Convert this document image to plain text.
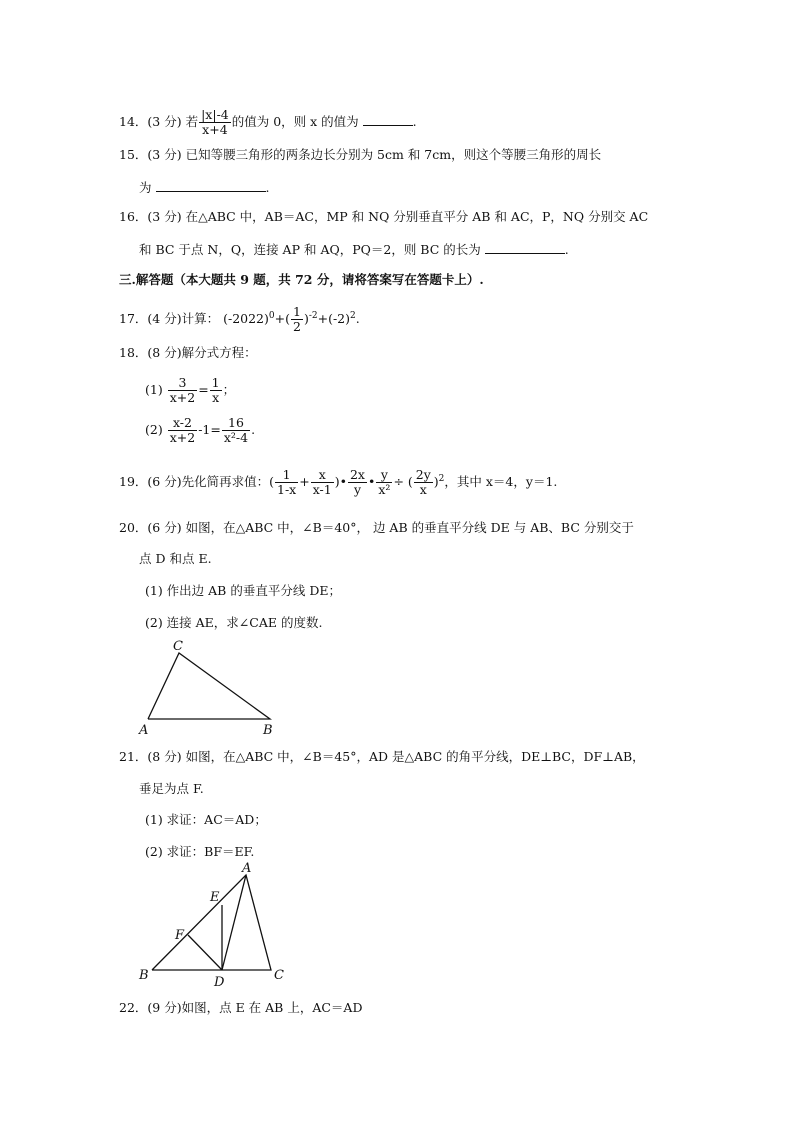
14．(3 分) 若 $\frac{|x|-4}{x+4}$ 的值为 0，则 x 的值为	.
15．(3 分) 已知等腰三角形的两条边长分别为 5cm 和 7cm，则这个等腰三角形的周长
为	.
16．(3 分) 在△ABC 中，AB＝AC，MP 和 NQ 分别垂直平分 AB 和 AC，P，NQ 分别交 AC
和 BC 于点 N，Q，连接 AP 和 AQ，PQ＝2，则 BC 的长为	.
三.解答题（本大题共 9 题，共 72 分，请将答案写在答题卡上）.
17．(4 分)计算： $(-2022)^0+( \frac{1}{2} )^{-2}+(-2)^2$.
18．(8 分)解分式方程：
$(1) \frac{3}{x+2} = \frac{1}{x}$ ；
$(2) \frac{x-2}{x+2} -1= \frac{16}{\text{x²-4}}$ .
19．(6 分)先化简再求值：( $\frac{1}{1-x} + \frac{x}{x-1}$ )• $\frac{2x}{y}$ • $\frac{y}{\text{x²}}$ ÷ ( $\frac{2y}{x} )^2$，其中 x＝4，y＝1.
20．(6 分) 如图，在△ABC 中，∠B＝40°， 边 AB 的垂直平分线 DE 与 AB、BC 分别交于
点 D 和点 E.
(1) 作出边 AB 的垂直平分线 DE；
(2) 连接 AE，求∠CAE 的度数.
C
A	B
21．(8 分) 如图，在△ABC 中，∠B＝45°，AD 是△ABC 的角平分线，DE⊥BC，DF⊥AB，
垂足为点 F.
(1) 求证：AC＝AD；
(2) 求证：BF＝EF.
A
E
F
B	D	C
22．(9 分)如图，点 E 在 AB 上，AC＝AD
